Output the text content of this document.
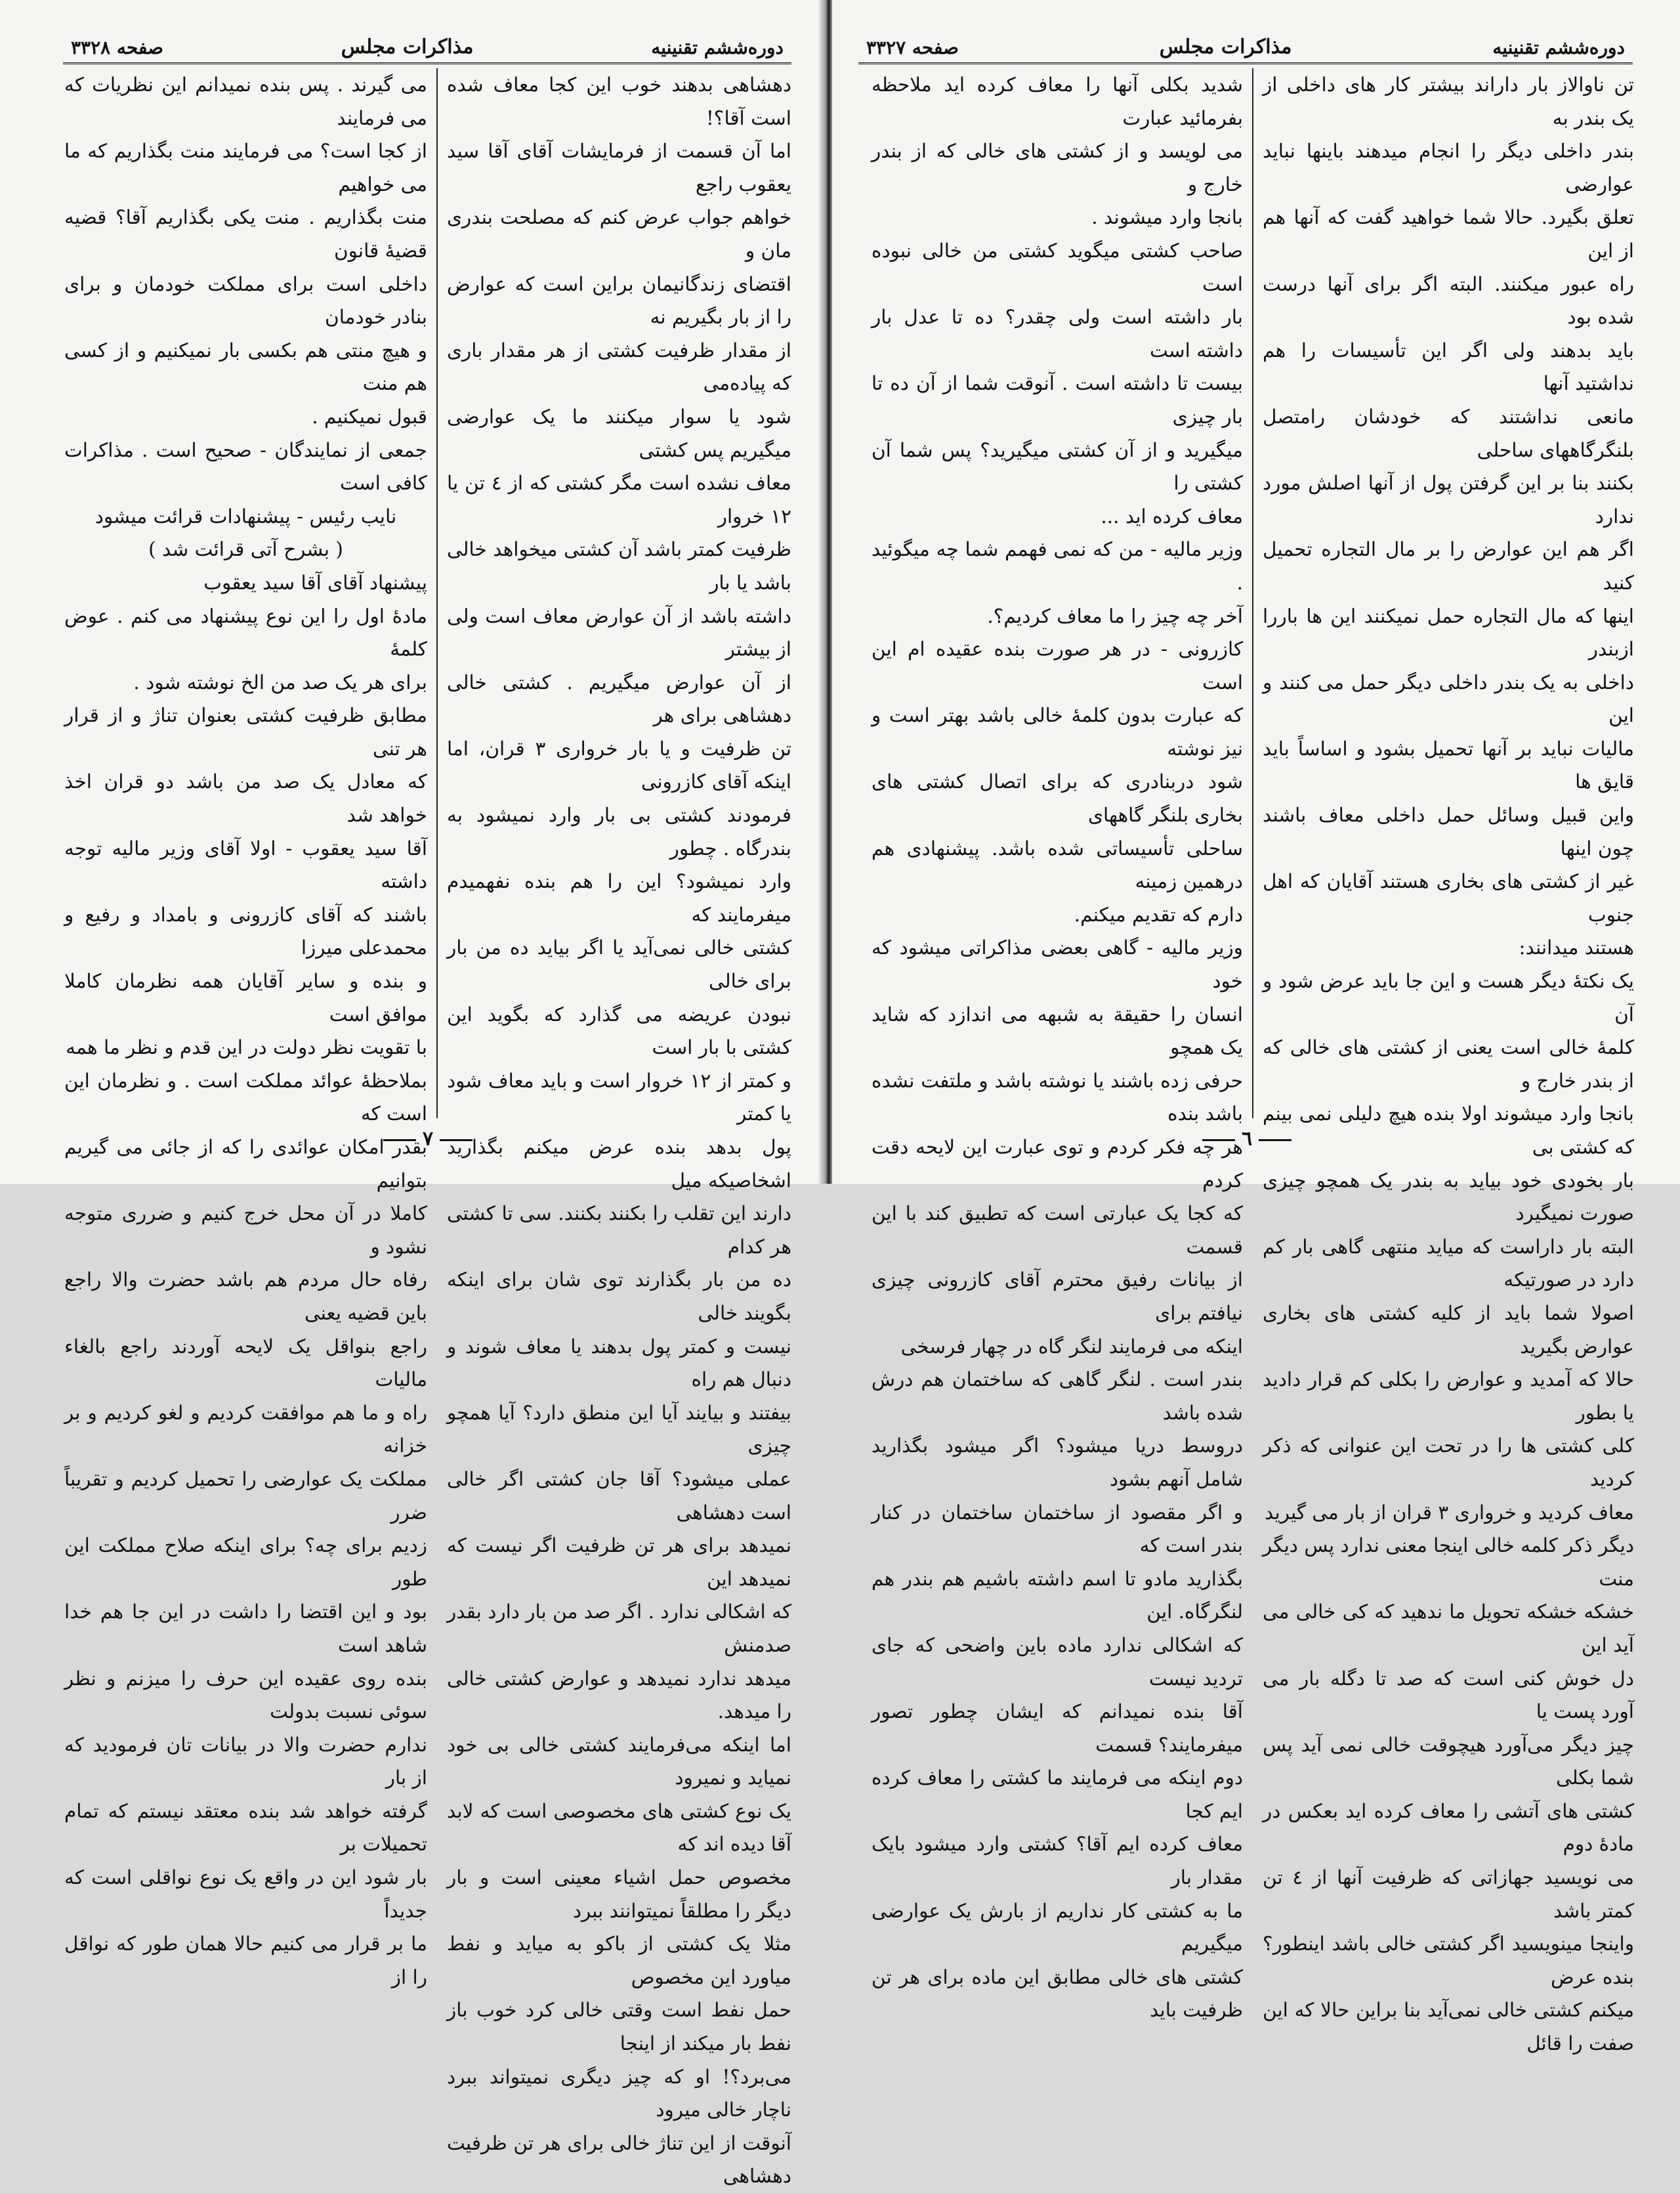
صفحه ٣٣٢٨	مذاکرات مجلس	دوره‌ششم تقنینیه
دهشاهی بدهند خوب این کجا معاف شده است آقا؟!
اما آن قسمت از فرمایشات آقای آقا سید یعقوب راجع
خواهم جواب عرض کنم که مصلحت بندری مان و
اقتضای زندگانیمان براین است که عوارض را از بار بگیریم نه
از مقدار ظرفیت کشتی از هر مقدار باری که پیاده‌می
شود یا سوار میکنند ما یک عوارضی میگیریم پس کشتی
معاف نشده است مگر کشتی که از ٤ تن یا ١٢ خروار
ظرفیت کمتر باشد آن کشتی میخواهد خالی باشد یا بار
داشته باشد از آن عوارض معاف است ولی از بیشتر
از آن عوارض میگیریم . کشتی خالی دهشاهی برای هر
تن ظرفیت و یا بار خرواری ٣ قران، اما اینکه آقای کازرونی
فرمودند کشتی بی بار وارد نمیشود به بندرگاه . چطور
وارد نمیشود؟ این را هم بنده نفهمیدم میفرمایند که
کشتی خالی نمی‌آید یا اگر بیاید ده من بار برای خالی
نبودن عریضه می گذارد که بگوید این کشتی با بار است
و کمتر از ١٢ خروار است و باید معاف شود یا کمتر
پول بدهد بنده عرض میکنم بگذارید اشخاصیکه میل
دارند این تقلب را بکنند بکنند. سی تا کشتی هر کدام
ده من بار بگذارند توی شان برای اینکه بگویند خالی
نیست و کمتر پول بدهند یا معاف شوند و دنبال هم راه
بیفتند و بیایند آیا این منطق دارد؟ آیا همچو چیزی
عملی میشود؟ آقا جان کشتی اگر خالی است دهشاهی
نمیدهد برای هر تن ظرفیت اگر نیست که نمیدهد این
که اشکالی ندارد . اگر صد من بار دارد بقدر صدمنش
میدهد ندارد نمیدهد و عوارض کشتی خالی را میدهد.
اما اینکه می‌فرمایند کشتی خالی بی خود نمیاید و نمیرود
یک نوع کشتی های مخصوصی است که لابد آقا دیده اند که
مخصوص حمل اشیاء معینی است و بار دیگر را مطلقاً نمیتوانند ببرد
مثلا یک کشتی از باکو به میاید و نفط میاورد این مخصوص
حمل نفط است وقتی خالی کرد خوب باز نفط بار میکند از اینجا
می‌برد؟! او که چیز دیگری نمیتواند ببرد ناچار خالی میرود
آنوقت از این تناژ خالی برای هر تن ظرفیت دهشاهی
می گیرند . پس بنده نمیدانم این نظریات که می فرمایند
از کجا است؟ می فرمایند منت بگذاریم که ما می خواهیم
منت بگذاریم . منت یکی بگذاریم آقا؟ قضیه قضیهٔ قانون
داخلی است برای مملکت خودمان و برای بنادر خودمان
و هیچ منتی هم بکسی بار نمیکنیم و از کسی هم منت
قبول نمیکنیم .
جمعی از نمایندگان - صحیح است . مذاکرات کافی است
نایب رئیس - پیشنهادات قرائت میشود
( بشرح آتی قرائت شد )
پیشنهاد آقای آقا سید یعقوب
مادهٔ اول را این نوع پیشنهاد می کنم . عوض کلمهٔ
برای هر یک صد من الخ نوشته شود .
مطابق ظرفیت کشتی بعنوان تناژ و از قرار هر تنی
که معادل یک صد من باشد دو قران اخذ خواهد شد
آقا سید یعقوب - اولا آقای وزیر مالیه توجه داشته
باشند که آقای کازرونی و بامداد و رفیع و محمدعلی میرزا
و بنده و سایر آقایان همه نظرمان کاملا موافق است
با تقویت نظر دولت در این قدم و نظر ما همه
بملاحظهٔ عوائد مملکت است . و نظرمان این است که
بقدر امکان عوائدی را که از جائی می گیریم بتوانیم
کاملا در آن محل خرج کنیم و ضرری متوجه نشود و
رفاه حال مردم هم باشد حضرت والا راجع باین قضیه یعنی
راجع بنواقل یک لایحه آوردند راجع بالغاء مالیات
راه و ما هم موافقت کردیم و لغو کردیم و بر خزانه
مملکت یک عوارضی را تحمیل کردیم و تقریباً ضرر
زدیم برای چه؟ برای اینکه صلاح مملکت این طور
بود و این اقتضا را داشت در این جا هم خدا شاهد است
بنده روی عقیده این حرف را میزنم و نظر سوئی نسبت بدولت
ندارم حضرت والا در بیانات تان فرمودید که از بار
گرفته خواهد شد بنده معتقد نیستم که تمام تحمیلات بر
بار شود این در واقع یک نوع نواقلی است که جدیداً
ما بر قرار می کنیم حالا همان طور که نواقل را از
٧
صفحه ٣٣٢٧	مذاکرات مجلس	دوره‌ششم تقنینیه
تن ناوالاز بار داراند بیشتر کار های داخلی از یک بندر به
بندر داخلی دیگر را انجام میدهند باینها نباید عوارضی
تعلق بگیرد. حالا شما خواهید گفت که آنها هم از این
راه عبور میکنند. البته اگر برای آنها درست شده بود
باید بدهند ولی اگر این تأسیسات را هم نداشتید آنها
مانعی نداشتند که خودشان رامتصل بلنگرگاههای ساحلی
بکنند بنا بر این گرفتن پول از آنها اصلش مورد ندارد
اگر هم این عوارض را بر مال التجاره تحمیل کنید
اینها که مال التجاره حمل نمیکنند این ها باررا ازبندر
داخلی به یک بندر داخلی دیگر حمل می کنند و این
مالیات نباید بر آنها تحمیل بشود و اساساً باید قایق ها
واین قبیل وسائل حمل داخلی معاف باشند چون اینها
غیر از کشتی های بخاری هستند آقایان که اهل جنوب
هستند میدانند:
یک نکتهٔ دیگر هست و این جا باید عرض شود و آن
کلمهٔ خالی است یعنی از کشتی های خالی که از بندر خارج و
بانجا وارد میشوند اولا بنده هیچ دلیلی نمی بینم که کشتی بی
بار بخودی خود بیاید به بندر یک همچو چیزی صورت نمیگیرد
البته بار داراست که میاید منتهی گاهی بار کم دارد در صورتیکه
اصولا شما باید از کلیه کشتی های بخاری عوارض بگیرید
حالا که آمدید و عوارض را بکلی کم قرار دادید یا بطور
کلی کشتی ها را در تحت این عنوانی که ذکر کردید
معاف کردید و خرواری ٣ قران از بار می گیرید
دیگر ذکر کلمه خالی اینجا معنی ندارد پس دیگر منت
خشکه خشکه تحویل ما ندهید که کی خالی می آید این
دل خوش کنی است که صد تا دگله بار می آورد پست یا
چیز دیگر می‌آورد هیچوقت خالی نمی آید پس شما بکلی
کشتی های آتشی را معاف کرده اید بعکس در مادهٔ دوم
می نویسید جهازاتی که ظرفیت آنها از ٤ تن کمتر باشد
واینجا مینویسید اگر کشتی خالی باشد اینطور؟ بنده عرض
میکنم کشتی خالی نمی‌آید بنا براین حالا که این صفت را قائل
شدید بکلی آنها را معاف کرده اید ملاحظه بفرمائید عبارت
می لویسد و از کشتی های خالی که از بندر خارج و
بانجا وارد میشوند .
صاحب کشتی میگوید کشتی من خالی نبوده است
بار داشته است ولی چقدر؟ ده تا عدل بار داشته است
بیست تا داشته است . آنوقت شما از آن ده تا بار چیزی
میگیرید و از آن کشتی میگیرید؟ پس شما آن کشتی را
معاف کرده اید ...
وزیر مالیه - من که نمی فهمم شما چه میگوئید .
آخر چه چیز را ما معاف کردیم؟.
کازرونی - در هر صورت بنده عقیده ام این است
که عبارت بدون کلمهٔ خالی باشد بهتر است و نیز نوشته
شود دربنادری که برای اتصال کشتی های بخاری بلنگر گاههای
ساحلی تأسیساتی شده باشد. پیشنهادی هم درهمین زمینه
دارم که تقدیم میکنم.
وزیر مالیه - گاهی بعضی مذاکراتی میشود که خود
انسان را حقیقة به شبهه می اندازد که شاید یک همچو
حرفی زده باشند یا نوشته باشد و ملتفت نشده باشد بنده
هر چه فکر کردم و توی عبارت این لایحه دقت کردم
که کجا یک عبارتی است که تطبیق کند با این قسمت
از بیانات رفیق محترم آقای کازرونی چیزی نیافتم برای
اینکه می فرمایند لنگر گاه در چهار فرسخی
بندر است . لنگر گاهی که ساختمان هم درش شده باشد
دروسط دریا میشود؟ اگر میشود بگذارید شامل آنهم بشود
و اگر مقصود از ساختمان ساختمان در کنار بندر است که
بگذارید مادو تا اسم داشته باشیم هم بندر هم لنگرگاه. این
که اشکالی ندارد ماده باین واضحی که جای تردید نیست
آقا بنده نمیدانم که ایشان چطور تصور میفرمایند؟ قسمت
دوم اینکه می فرمایند ما کشتی را معاف کرده ایم کجا
معاف کرده ایم آقا؟ کشتی وارد میشود بایک مقدار بار
ما به کشتی کار نداریم از بارش یک عوارضی میگیریم
کشتی های خالی مطابق این ماده برای هر تن ظرفیت باید
٦
